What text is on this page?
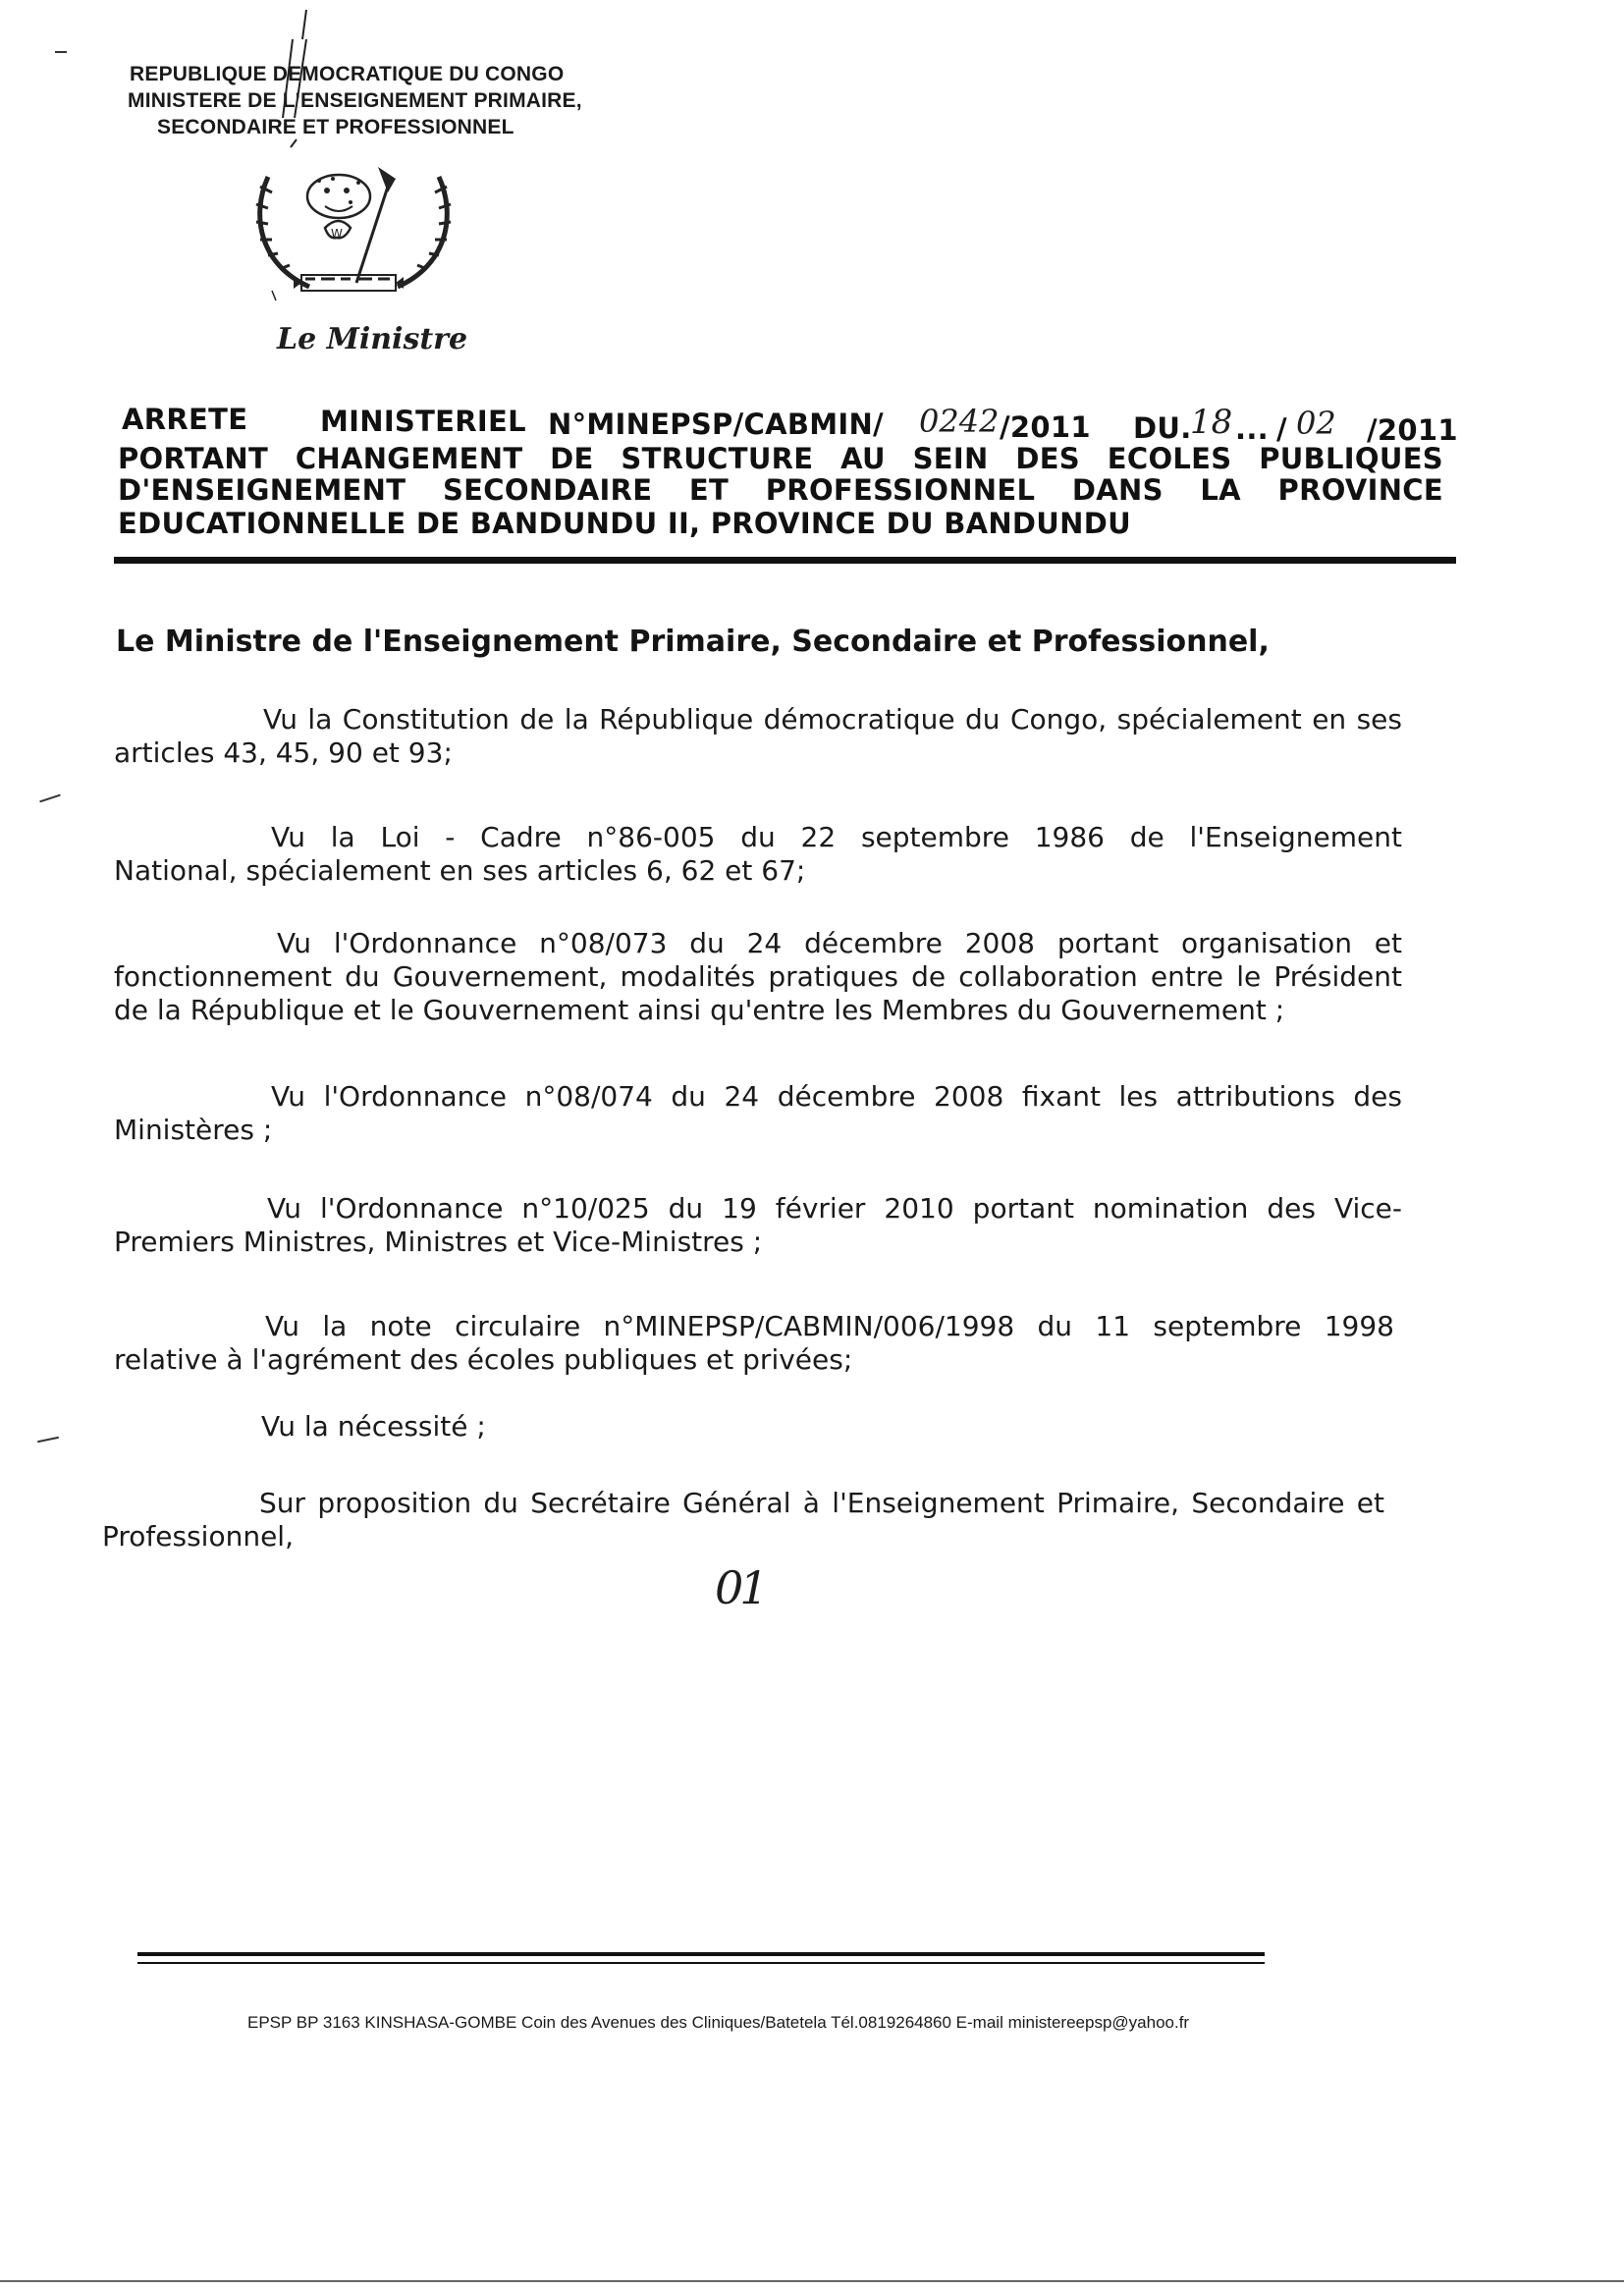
REPUBLIQUE DEMOCRATIQUE DU CONGO
MINISTERE DE L'ENSEIGNEMENT PRIMAIRE,
SECONDAIRE ET PROFESSIONNEL
W
Le Ministre
ARRETE	MINISTERIEL N°MINEPSP/CABMIN/ 0242 /2011 DU.
18 ... / 02 /2011
PORTANT CHANGEMENT DE STRUCTURE AU SEIN DES ECOLES PUBLIQUES
D'ENSEIGNEMENT SECONDAIRE ET PROFESSIONNEL DANS LA PROVINCE
EDUCATIONNELLE DE BANDUNDU II, PROVINCE DU BANDUNDU
Le Ministre de l'Enseignement Primaire, Secondaire et Professionnel,
Vu la Constitution de la République démocratique du Congo, spécialement en ses
articles 43, 45, 90 et 93;
Vu la Loi - Cadre n°86-005 du 22 septembre 1986 de l'Enseignement
National, spécialement en ses articles 6, 62 et 67;
Vu l'Ordonnance n°08/073 du 24 décembre 2008 portant organisation et
fonctionnement du Gouvernement, modalités pratiques de collaboration entre le Président
de la République et le Gouvernement ainsi qu'entre les Membres du Gouvernement ;
Vu l'Ordonnance n°08/074 du 24 décembre 2008 fixant les attributions des
Ministères ;
Vu l'Ordonnance n°10/025 du 19 février 2010 portant nomination des Vice-
Premiers Ministres, Ministres et Vice-Ministres ;
Vu la note circulaire n°MINEPSP/CABMIN/006/1998 du 11 septembre 1998
relative à l'agrément des écoles publiques et privées;
Vu la nécessité ;
Sur proposition du Secrétaire Général à l'Enseignement Primaire, Secondaire et
Professionnel,
01
EPSP BP 3163 KINSHASA-GOMBE Coin des Avenues des Cliniques/Batetela Tél.0819264860 E-mail ministereepsp@yahoo.fr
